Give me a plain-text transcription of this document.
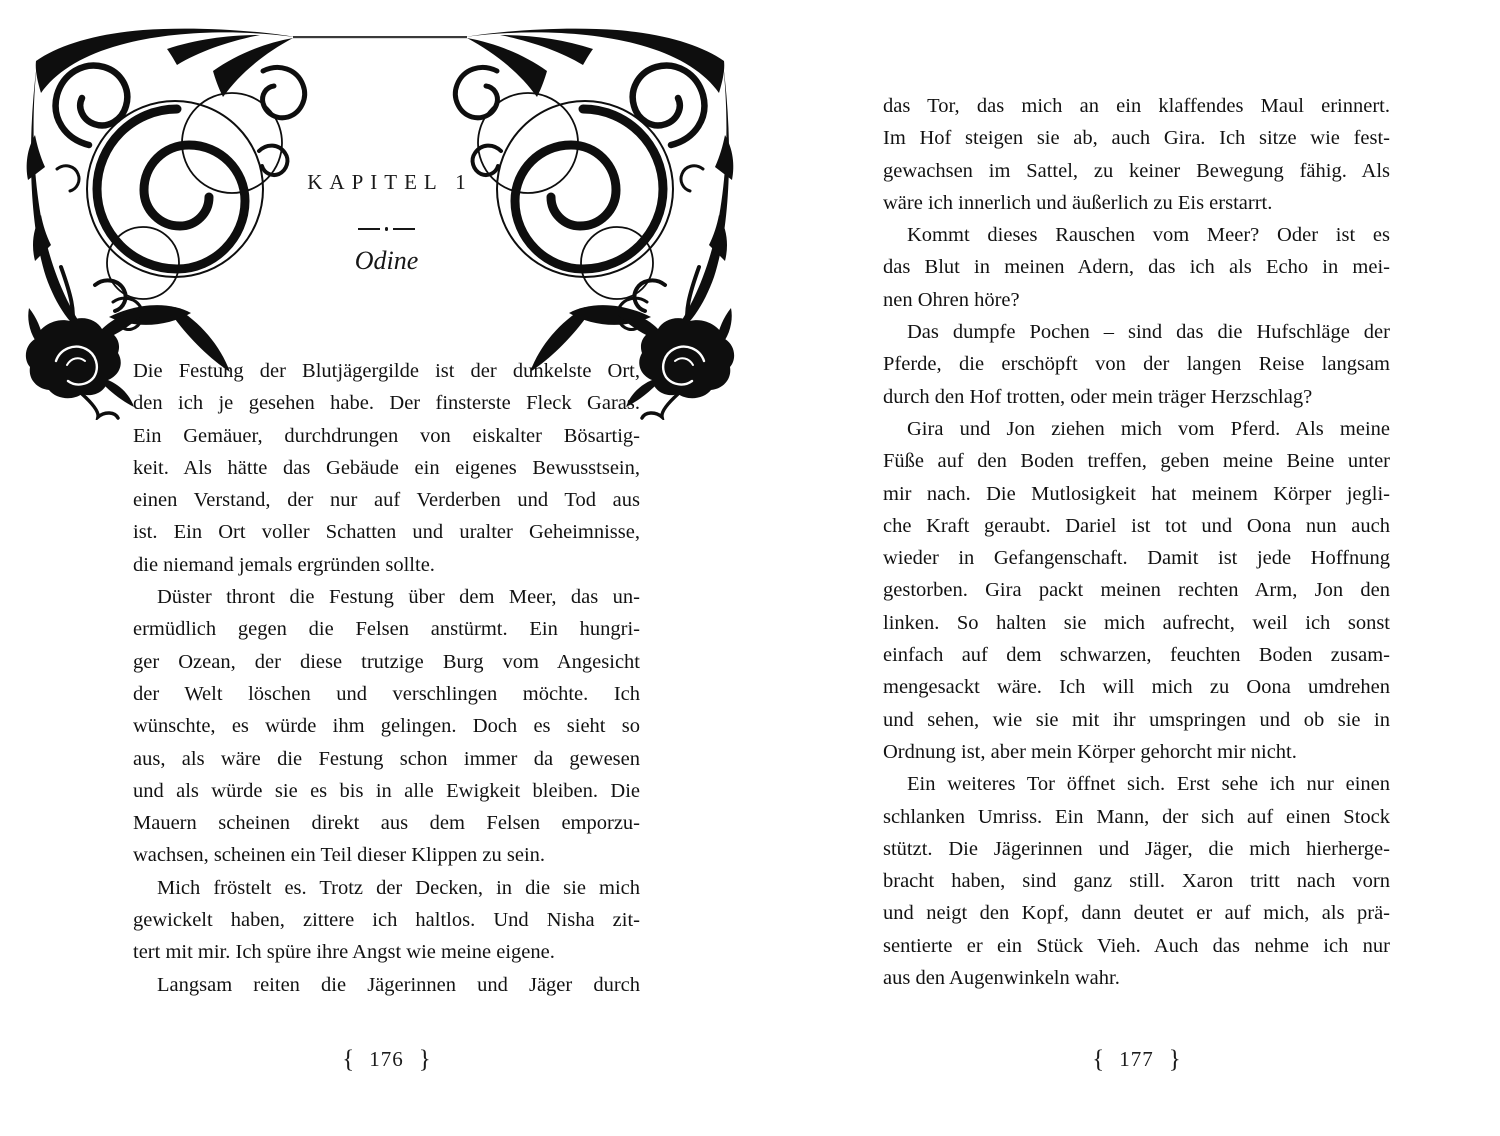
KAPITEL 1
Odine
Die Festung der Blutjägergilde ist der dunkelste Ort,
den ich je gesehen habe. Der finsterste Fleck Garas.
Ein Gemäuer, durchdrungen von eiskalter Bösartig-
keit. Als hätte das Gebäude ein eigenes Bewusstsein,
einen Verstand, der nur auf Verderben und Tod aus
ist. Ein Ort voller Schatten und uralter Geheimnisse,
die niemand jemals ergründen sollte.
Düster thront die Festung über dem Meer, das un-
ermüdlich gegen die Felsen anstürmt. Ein hungri-
ger Ozean, der diese trutzige Burg vom Angesicht
der Welt löschen und verschlingen möchte. Ich
wünschte, es würde ihm gelingen. Doch es sieht so
aus, als wäre die Festung schon immer da gewesen
und als würde sie es bis in alle Ewigkeit bleiben. Die
Mauern scheinen direkt aus dem Felsen emporzu-
wachsen, scheinen ein Teil dieser Klippen zu sein.
Mich fröstelt es. Trotz der Decken, in die sie mich
gewickelt haben, zittere ich haltlos. Und Nisha zit-
tert mit mir. Ich spüre ihre Angst wie meine eigene.
Langsam reiten die Jägerinnen und Jäger durch
{ 176 }
das Tor, das mich an ein klaffendes Maul erinnert.
Im Hof steigen sie ab, auch Gira. Ich sitze wie fest-
gewachsen im Sattel, zu keiner Bewegung fähig. Als
wäre ich innerlich und äußerlich zu Eis erstarrt.
Kommt dieses Rauschen vom Meer? Oder ist es
das Blut in meinen Adern, das ich als Echo in mei-
nen Ohren höre?
Das dumpfe Pochen – sind das die Hufschläge der
Pferde, die erschöpft von der langen Reise langsam
durch den Hof trotten, oder mein träger Herzschlag?
Gira und Jon ziehen mich vom Pferd. Als meine
Füße auf den Boden treffen, geben meine Beine unter
mir nach. Die Mutlosigkeit hat meinem Körper jegli-
che Kraft geraubt. Dariel ist tot und Oona nun auch
wieder in Gefangenschaft. Damit ist jede Hoffnung
gestorben. Gira packt meinen rechten Arm, Jon den
linken. So halten sie mich aufrecht, weil ich sonst
einfach auf dem schwarzen, feuchten Boden zusam-
mengesackt wäre. Ich will mich zu Oona umdrehen
und sehen, wie sie mit ihr umspringen und ob sie in
Ordnung ist, aber mein Körper gehorcht mir nicht.
Ein weiteres Tor öffnet sich. Erst sehe ich nur einen
schlanken Umriss. Ein Mann, der sich auf einen Stock
stützt. Die Jägerinnen und Jäger, die mich hierherge-
bracht haben, sind ganz still. Xaron tritt nach vorn
und neigt den Kopf, dann deutet er auf mich, als prä-
sentierte er ein Stück Vieh. Auch das nehme ich nur
aus den Augenwinkeln wahr.
{ 177 }
